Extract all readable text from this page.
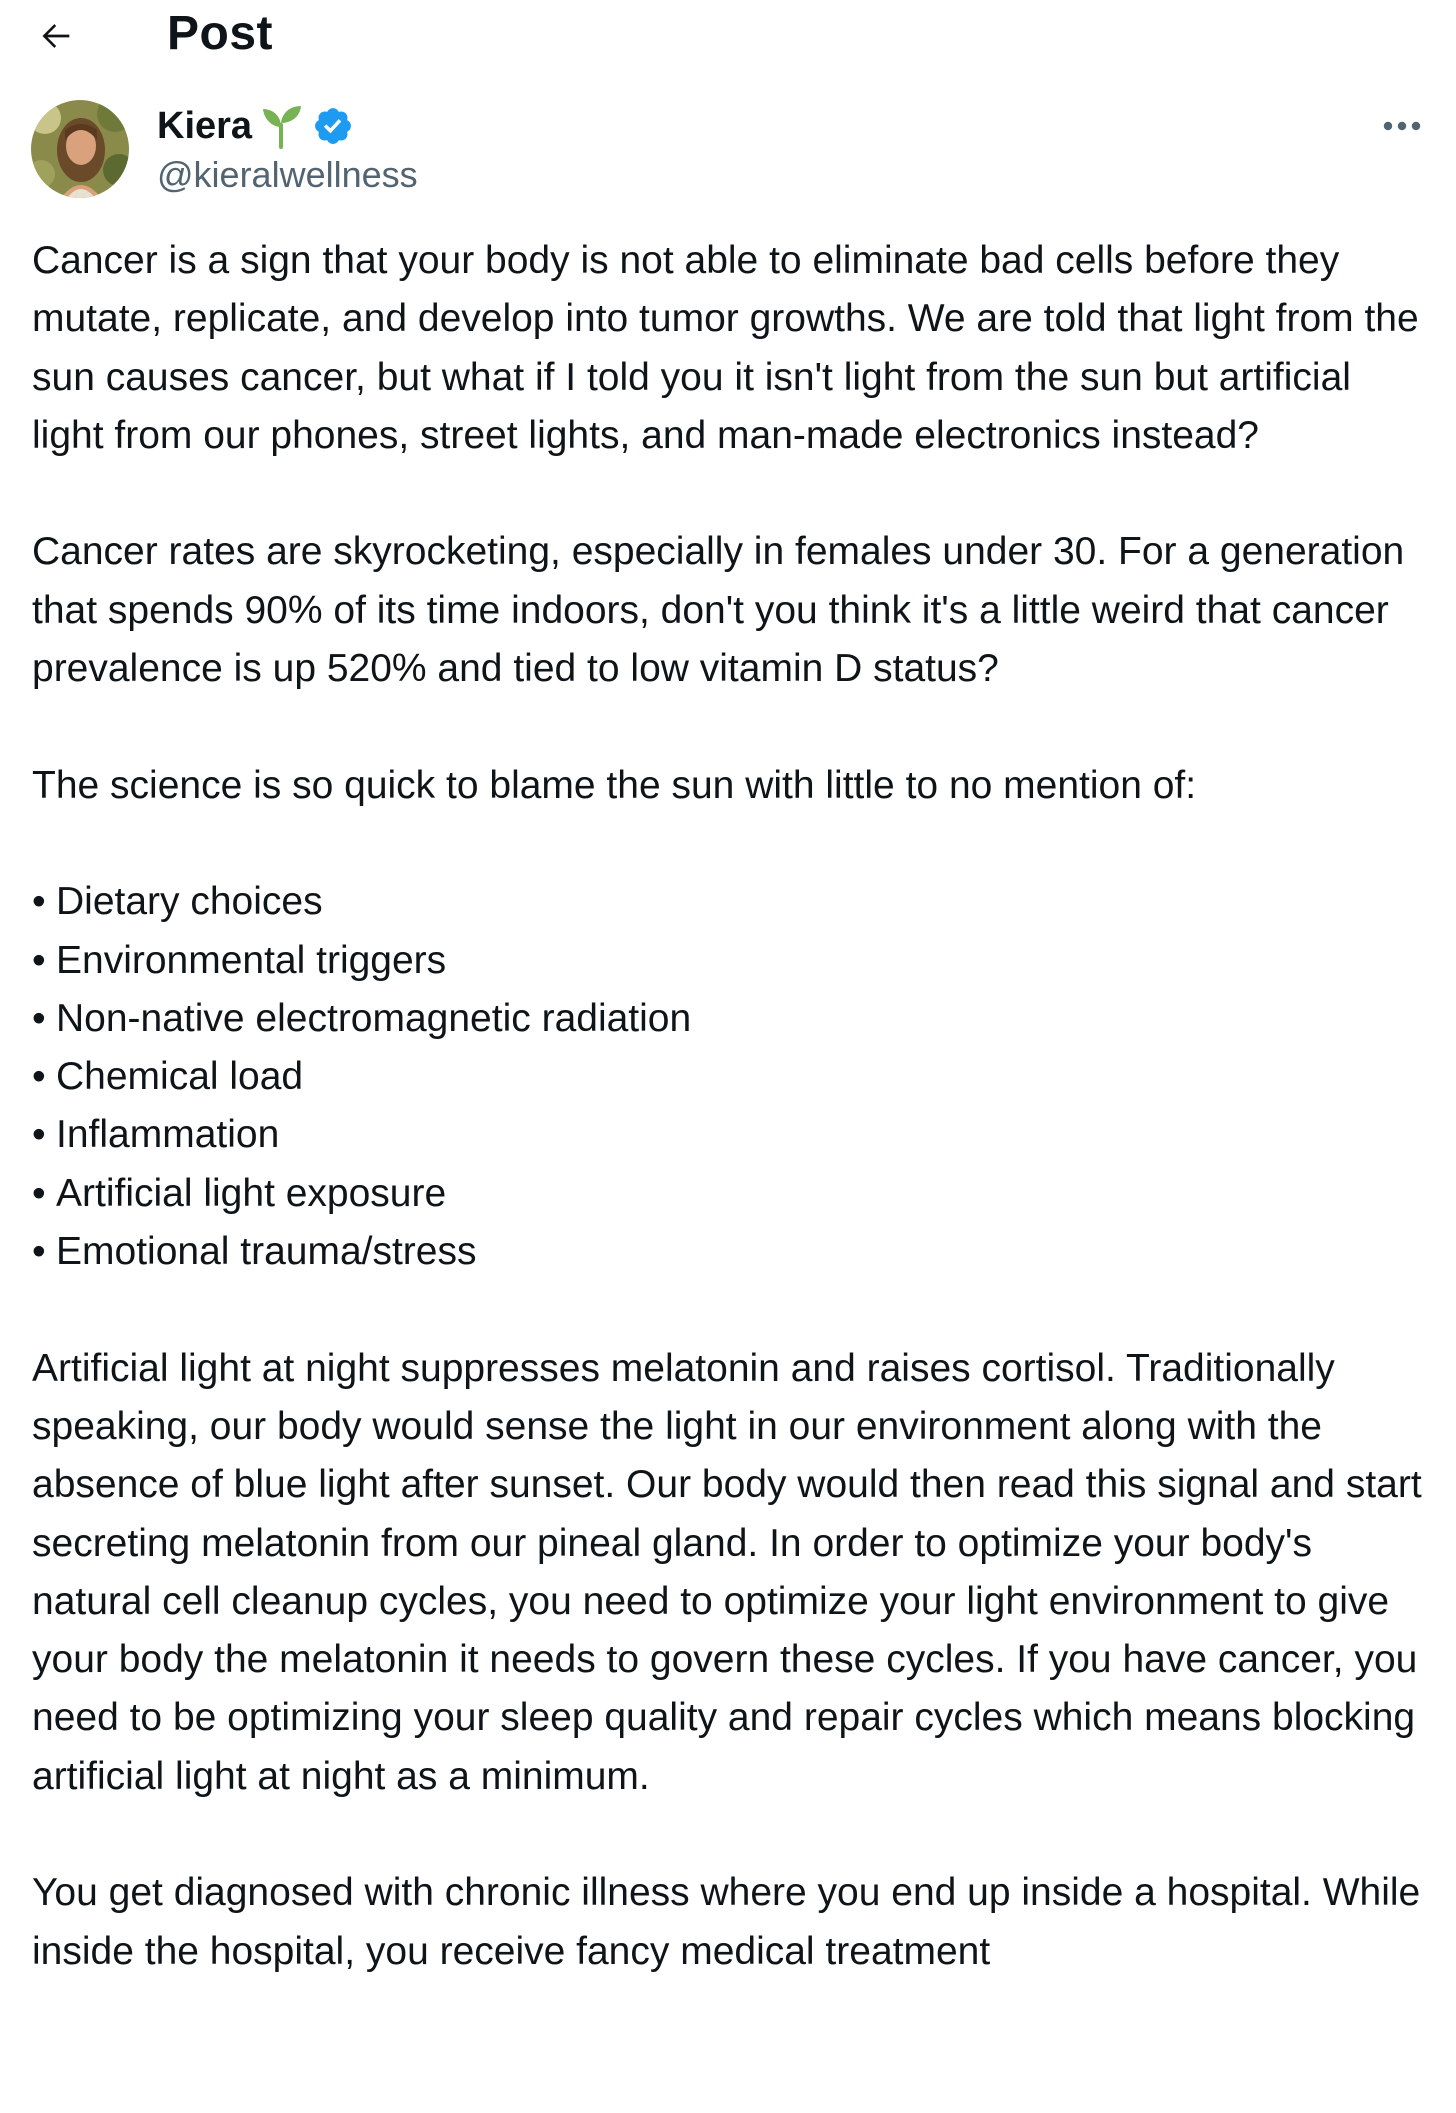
Post
Kiera
@kieralwellness

Cancer is a sign that your body is not able to eliminate bad cells before they mutate, replicate, and develop into tumor growths. We are told that light from the sun causes cancer, but what if I told you it isn't light from the sun but artificial light from our phones, street lights, and man-made electronics instead?

Cancer rates are skyrocketing, especially in females under 30. For a generation that spends 90% of its time indoors, don't you think it's a little weird that cancer prevalence is up 520% and tied to low vitamin D status?

The science is so quick to blame the sun with little to no mention of:

• Dietary choices
• Environmental triggers
• Non-native electromagnetic radiation
• Chemical load
• Inflammation
• Artificial light exposure
• Emotional trauma/stress

Artificial light at night suppresses melatonin and raises cortisol. Traditionally speaking, our body would sense the light in our environment along with the absence of blue light after sunset. Our body would then read this signal and start secreting melatonin from our pineal gland. In order to optimize your body's natural cell cleanup cycles, you need to optimize your light environment to give your body the melatonin it needs to govern these cycles. If you have cancer, you need to be optimizing your sleep quality and repair cycles which means blocking artificial light at night as a minimum.

You get diagnosed with chronic illness where you end up inside a hospital. While inside the hospital, you receive fancy medical treatment
